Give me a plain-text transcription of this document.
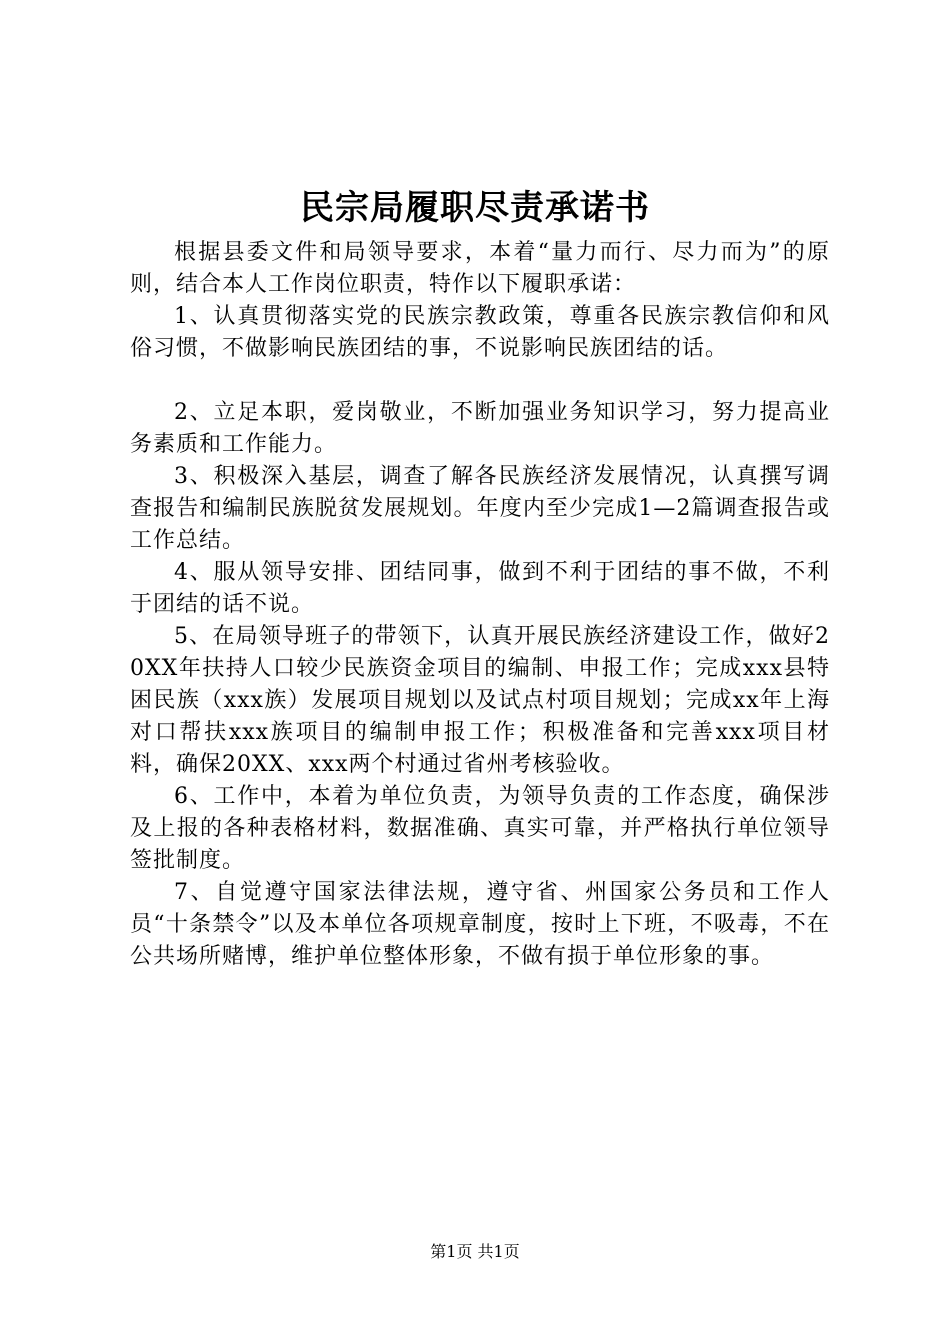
民宗局履职尽责承诺书

根据县委文件和局领导要求，本着“量力而行、尽力而为”的原则，结合本人工作岗位职责，特作以下履职承诺：

1、认真贯彻落实党的民族宗教政策，尊重各民族宗教信仰和风俗习惯，不做影响民族团结的事，不说影响民族团结的话。

2、立足本职，爱岗敬业，不断加强业务知识学习，努力提高业务素质和工作能力。

3、积极深入基层，调查了解各民族经济发展情况，认真撰写调查报告和编制民族脱贫发展规划。年度内至少完成1—2篇调查报告或工作总结。

4、服从领导安排、团结同事，做到不利于团结的事不做，不利于团结的话不说。

5、在局领导班子的带领下，认真开展民族经济建设工作，做好20XX年扶持人口较少民族资金项目的编制、申报工作；完成xxx县特困民族（xxx族）发展项目规划以及试点村项目规划；完成xx年上海对口帮扶xxx族项目的编制申报工作；积极准备和完善xxx项目材料，确保20XX、xxx两个村通过省州考核验收。

6、工作中，本着为单位负责，为领导负责的工作态度，确保涉及上报的各种表格材料，数据准确、真实可靠，并严格执行单位领导签批制度。

7、自觉遵守国家法律法规，遵守省、州国家公务员和工作人员“十条禁令”以及本单位各项规章制度，按时上下班，不吸毒，不在公共场所赌博，维护单位整体形象，不做有损于单位形象的事。

第1页 共1页
